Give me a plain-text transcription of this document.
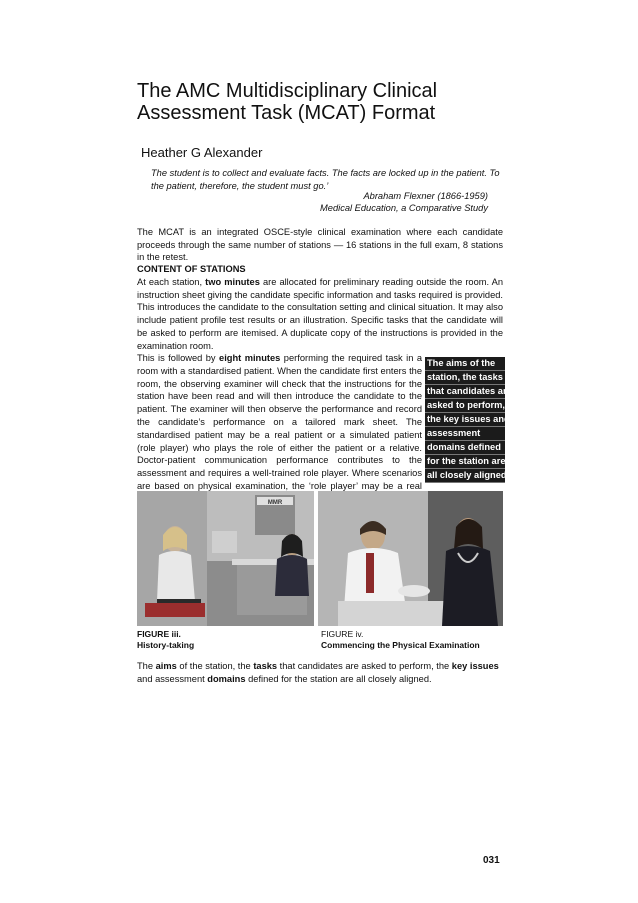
The AMC Multidisciplinary Clinical
Assessment Task (MCAT) Format
Heather G Alexander
The student is to collect and evaluate facts. The facts are locked up in the patient. To
the patient, therefore, the student must go.’
Abraham Flexner (1866-1959)
Medical Education, a Comparative Study
The MCAT is an integrated OSCE-style clinical examination where each candidate proceeds through the same number of stations — 16 stations in the full exam, 8 stations in the retest.
CONTENT OF STATIONS
At each station, two minutes are allocated for preliminary reading outside the room. An instruction sheet giving the candidate specific information and tasks required is provided. This introduces the candidate to the consultation setting and clinical situation. It may also include patient profile test results or an illustration. Specific tasks that the candidate will be asked to perform are itemised. A duplicate copy of the instructions is provided in the examination room.
This is followed by eight minutes performing the required task in a room with a standardised patient. When the candidate first enters the room, the observing examiner will check that the instructions for the station have been read and will then introduce the candidate to the patient. The examiner will then observe the performance and record the candidate’s performance on a tailored mark sheet. The standardised patient may be a real patient or a simulated patient (role player) who plays the role of either the patient or a relative. Doctor-patient communication performance contributes to the assessment and requires a well-trained role player. Where scenarios are based on physical examination, the ‘role player’ may be a real
The aims of the
station, the tasks
that candidates are
asked to perform,
the key issues and
assessment
domains defined
for the station are
all closely aligned.
MMR
FIGURE iii.
History-taking
FIGURE iv.
Commencing the Physical Examination
The aims of the station, the tasks that candidates are asked to perform, the key issues and assessment domains defined for the station are all closely aligned.
031
